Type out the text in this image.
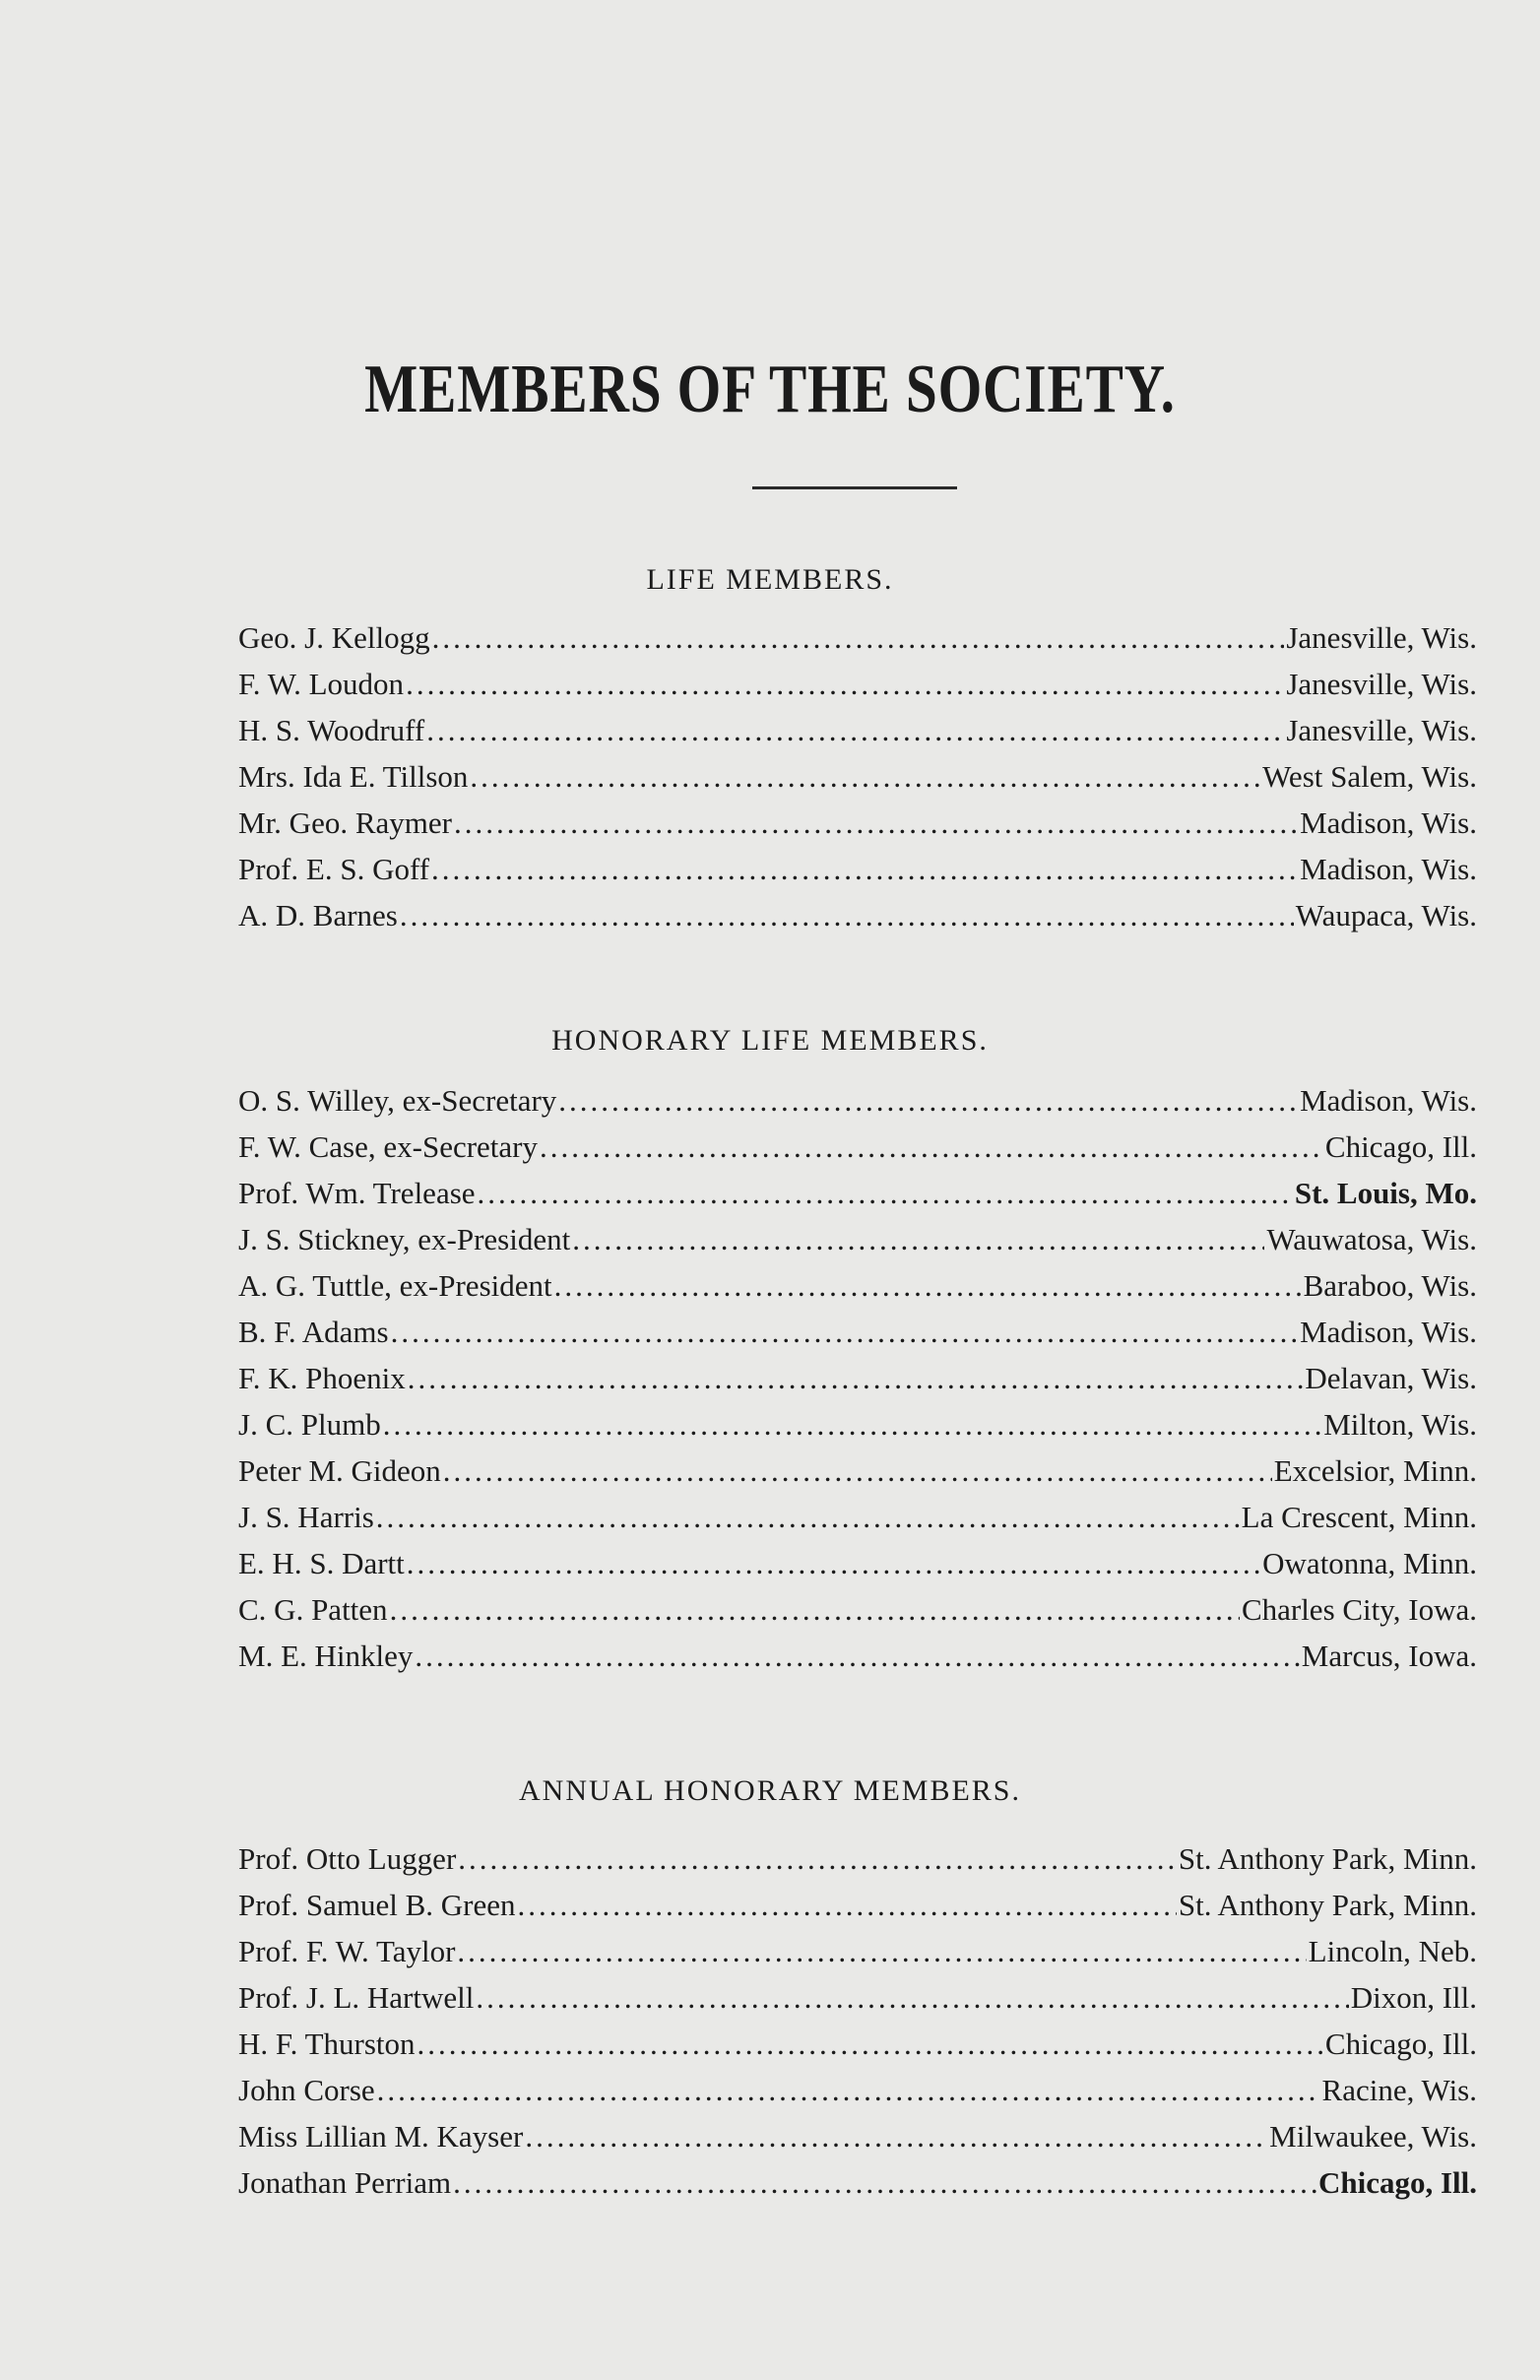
MEMBERS OF THE SOCIETY.
LIFE MEMBERS.
Geo. J. Kellogg .....	Janesville, Wis.
F. W. Loudon .....	Janesville, Wis.
H. S. Woodruff .....	Janesville, Wis.
Mrs. Ida E. Tillson .....	West Salem, Wis.
Mr. Geo. Raymer .....	Madison, Wis.
Prof. E. S. Goff .....	Madison, Wis.
A. D. Barnes .....	Waupaca, Wis.
HONORARY LIFE MEMBERS.
O. S. Willey, ex-Secretary .....	Madison, Wis.
F. W. Case, ex-Secretary .....	Chicago, Ill.
Prof. Wm. Trelease .....	St. Louis, Mo.
J. S. Stickney, ex-President .....	Wauwatosa, Wis.
A. G. Tuttle, ex-President .....	Baraboo, Wis.
B. F. Adams .....	Madison, Wis.
F. K. Phoenix .....	Delavan, Wis.
J. C. Plumb .....	Milton, Wis.
Peter M. Gideon .....	Excelsior, Minn.
J. S. Harris .....	La Crescent, Minn.
E. H. S. Dartt .....	Owatonna, Minn.
C. G. Patten .....	Charles City, Iowa.
M. E. Hinkley .....	Marcus, Iowa.
ANNUAL HONORARY MEMBERS.
Prof. Otto Lugger .....	St. Anthony Park, Minn.
Prof. Samuel B. Green .....	St. Anthony Park, Minn.
Prof. F. W. Taylor .....	Lincoln, Neb.
Prof. J. L. Hartwell .....	Dixon, Ill.
H. F. Thurston .....	Chicago, Ill.
John Corse .....	Racine, Wis.
Miss Lillian M. Kayser .....	Milwaukee, Wis.
Jonathan Perriam .....	Chicago, Ill.
